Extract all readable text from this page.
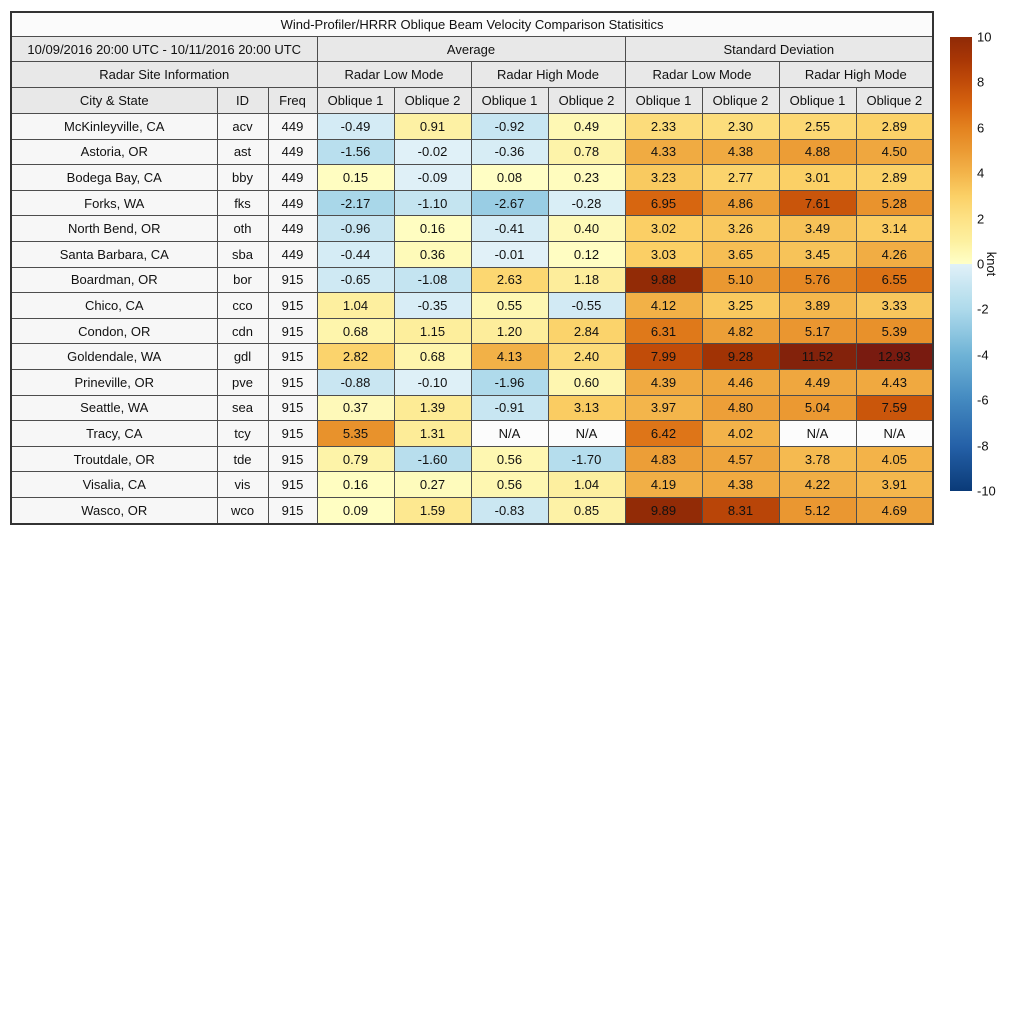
Wind-Profiler/HRRR Oblique Beam Velocity Comparison Statisitics										
10/09/2016 20:00 UTC - 10/11/2016 20:00 UTC			Average				Standard Deviation			
Radar Site Information			Radar Low Mode		Radar High Mode		Radar Low Mode		Radar High Mode	
City & State	ID	Freq	Oblique 1	Oblique 2	Oblique 1	Oblique 2	Oblique 1	Oblique 2	Oblique 1	Oblique 2
McKinleyville, CA	acv	449	-0.49	0.91	-0.92	0.49	2.33	2.30	2.55	2.89
Astoria, OR	ast	449	-1.56	-0.02	-0.36	0.78	4.33	4.38	4.88	4.50
Bodega Bay, CA	bby	449	0.15	-0.09	0.08	0.23	3.23	2.77	3.01	2.89
Forks, WA	fks	449	-2.17	-1.10	-2.67	-0.28	6.95	4.86	7.61	5.28
North Bend, OR	oth	449	-0.96	0.16	-0.41	0.40	3.02	3.26	3.49	3.14
Santa Barbara, CA	sba	449	-0.44	0.36	-0.01	0.12	3.03	3.65	3.45	4.26
Boardman, OR	bor	915	-0.65	-1.08	2.63	1.18	9.88	5.10	5.76	6.55
Chico, CA	cco	915	1.04	-0.35	0.55	-0.55	4.12	3.25	3.89	3.33
Condon, OR	cdn	915	0.68	1.15	1.20	2.84	6.31	4.82	5.17	5.39
Goldendale, WA	gdl	915	2.82	0.68	4.13	2.40	7.99	9.28	11.52	12.93
Prineville, OR	pve	915	-0.88	-0.10	-1.96	0.60	4.39	4.46	4.49	4.43
Seattle, WA	sea	915	0.37	1.39	-0.91	3.13	3.97	4.80	5.04	7.59
Tracy, CA	tcy	915	5.35	1.31	N/A	N/A	6.42	4.02	N/A	N/A
Troutdale, OR	tde	915	0.79	-1.60	0.56	-1.70	4.83	4.57	3.78	4.05
Visalia, CA	vis	915	0.16	0.27	0.56	1.04	4.19	4.38	4.22	3.91
Wasco, OR	wco	915	0.09	1.59	-0.83	0.85	9.89	8.31	5.12	4.69
10
8
6
4
2
0
-2
-4
-6
-8
-10
knot
